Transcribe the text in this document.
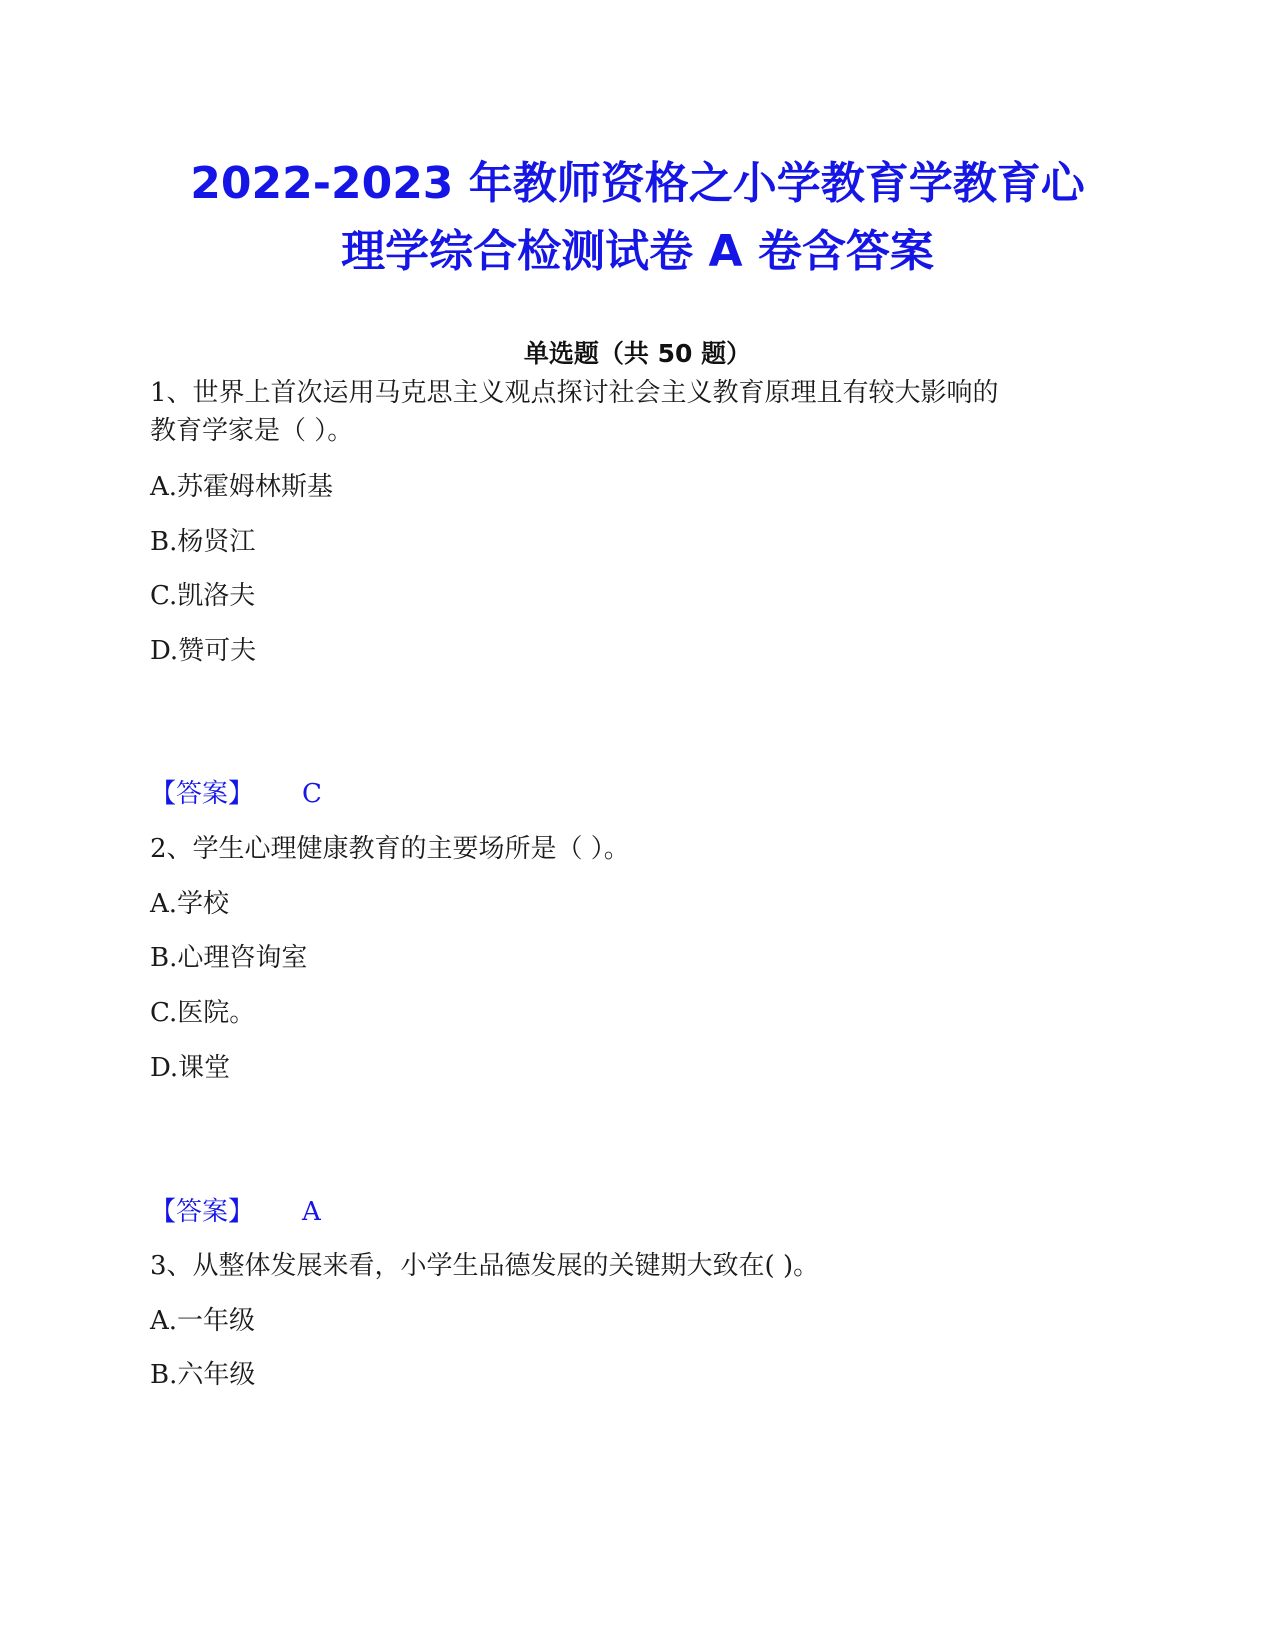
2022-2023 年教师资格之小学教育学教育心
理学综合检测试卷 A 卷含答案
单选题（共 50 题）
1、世界上首次运用马克思主义观点探讨社会主义教育原理且有较大影响的
教育学家是（ ）。
A.苏霍姆林斯基
B.杨贤江
C.凯洛夫
D.赞可夫
【答案】 C
2、学生心理健康教育的主要场所是（ ）。
A.学校
B.心理咨询室
C.医院。
D.课堂
【答案】 A
3、从整体发展来看，小学生品德发展的关键期大致在( )。
A.一年级
B.六年级
